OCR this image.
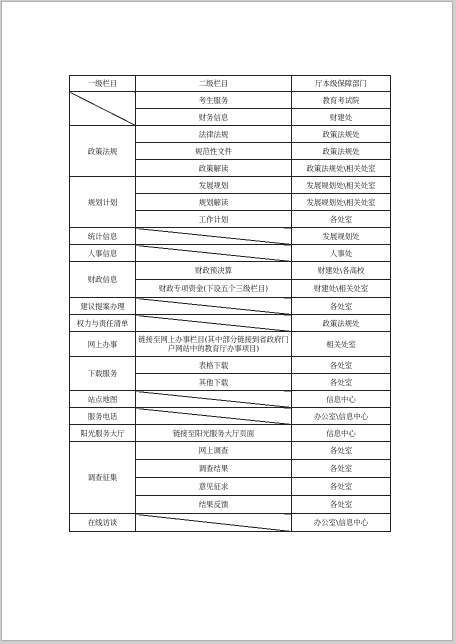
一级栏目	二级栏目	厅本级保障部门
	考生服务	教育考试院
	财务信息	财建处
政策法规	法律法规	政策法规处
	规范性文件	政策法规处
	政策解读	政策法规处\相关处室
规划计划	发展规划	发展规划处\相关处室
	规划解读	发展规划处\相关处室
	工作计划	各处室
统计信息		发展规划处
人事信息		人事处
财政信息	财政预决算	财建处\各高校
	财政专项资金(下设五个三级栏目)	财建处\相关处室
建议提案办理		各处室
权力与责任清单		政策法规处
网上办事	链接至网上办事栏目(其中部分链接到省政府门户网站中的教育厅办事项目)	相关处室
下载服务	表格下载	各处室
	其他下载	各处室
站点地图		信息中心
服务电话		办公室\信息中心
阳光服务大厅	链接至阳光服务大厅页面	信息中心
调查征集	网上调查	各处室
	调查结果	各处室
	意见征求	各处室
	结果反馈	各处室
在线访谈		办公室\信息中心
